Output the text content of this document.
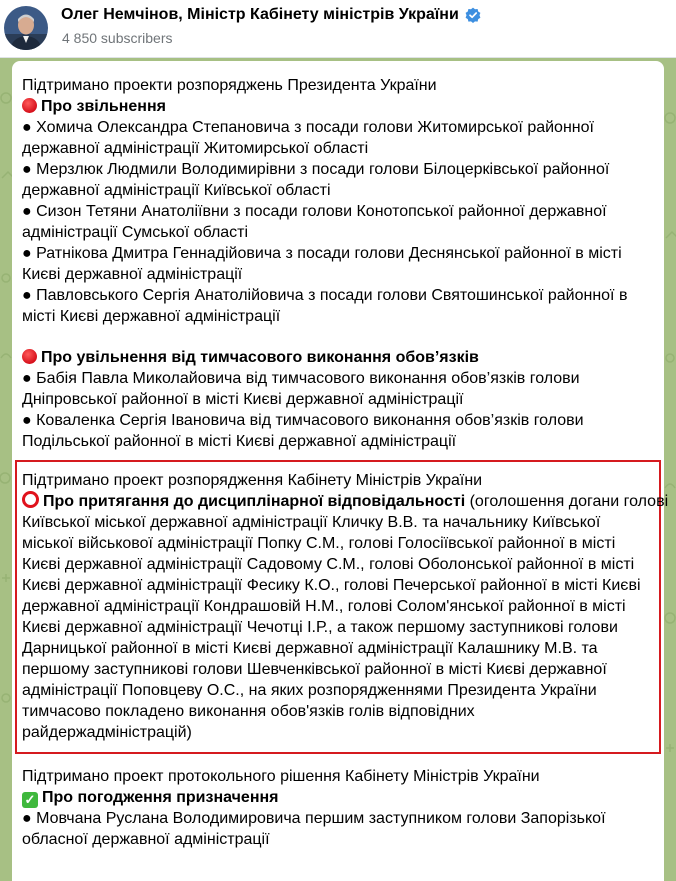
Олег Немчінов, Міністр Кабінету міністрів України
4 850 subscribers
Підтримано проекти розпоряджень Президента України
Про звільнення
● Хомича Олександра Степановича з посади голови Житомирської районної
державної адміністрації Житомирської області
● Мерзлюк Людмили Володимирівни з посади голови Білоцерківської районної
державної адміністрації Київської області
● Сизон Тетяни Анатоліївни з посади голови Конотопської районної державної
адміністрації Сумської області
● Ратнікова Дмитра Геннадійовича з посади голови Деснянської районної в місті
Києві державної адміністрації
● Павловського Сергія Анатолійовича з посади голови Святошинської районної в
місті Києві державної адміністрації
Про увільнення від тимчасового виконання обов’язків
● Бабія Павла Миколайовича від тимчасового виконання обов’язків голови
Дніпровської районної в місті Києві державної адміністрації
● Коваленка Сергія Івановича від тимчасового виконання обов’язків голови
Подільської районної в місті Києві державної адміністрації
Підтримано проект розпорядження Кабінету Міністрів України
Про притягання до дисциплінарної відповідальності (оголошення догани голові
Київської міської державної адміністрації Кличку В.В. та начальнику Київської
міської військової адміністрації Попку С.М., голові Голосіївської районної в місті
Києві державної адміністрації Садовому С.М., голові Оболонської районної в місті
Києві державної адміністрації Фесику К.О., голові Печерської районної в місті Києві
державної адміністрації Кондрашовій Н.М., голові Солом'янської районної в місті
Києві державної адміністрації Чечотці І.Р., а також першому заступникові голови
Дарницької районної в місті Києві державної адміністрації Калашнику М.В. та
першому заступникові голови Шевченківської районної в місті Києві державної
адміністрації Поповцеву О.С., на яких розпорядженнями Президента України
тимчасово покладено виконання обов'язків голів відповідних
райдержадміністрацій)
Підтримано проект протокольного рішення Кабінету Міністрів України
✓ Про погодження призначення
● Мовчана Руслана Володимировича першим заступником голови Запорізької
обласної державної адміністрації
